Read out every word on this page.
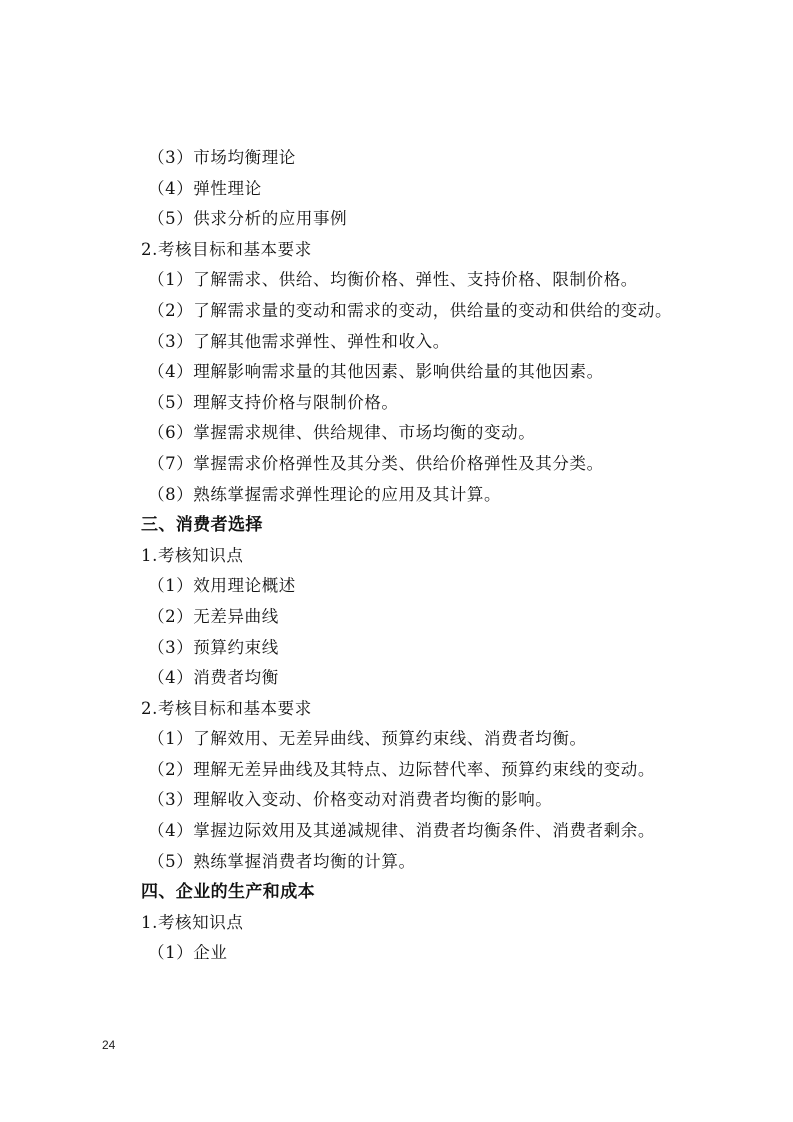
（3）市场均衡理论
（4）弹性理论
（5）供求分析的应用事例
2.考核目标和基本要求
（1）了解需求、供给、均衡价格、弹性、支持价格、限制价格。
（2）了解需求量的变动和需求的变动，供给量的变动和供给的变动。
（3）了解其他需求弹性、弹性和收入。
（4）理解影响需求量的其他因素、影响供给量的其他因素。
（5）理解支持价格与限制价格。
（6）掌握需求规律、供给规律、市场均衡的变动。
（7）掌握需求价格弹性及其分类、供给价格弹性及其分类。
（8）熟练掌握需求弹性理论的应用及其计算。
三、消费者选择
1.考核知识点
（1）效用理论概述
（2）无差异曲线
（3）预算约束线
（4）消费者均衡
2.考核目标和基本要求
（1）了解效用、无差异曲线、预算约束线、消费者均衡。
（2）理解无差异曲线及其特点、边际替代率、预算约束线的变动。
（3）理解收入变动、价格变动对消费者均衡的影响。
（4）掌握边际效用及其递减规律、消费者均衡条件、消费者剩余。
（5）熟练掌握消费者均衡的计算。
四、企业的生产和成本
1.考核知识点
（1）企业
24
